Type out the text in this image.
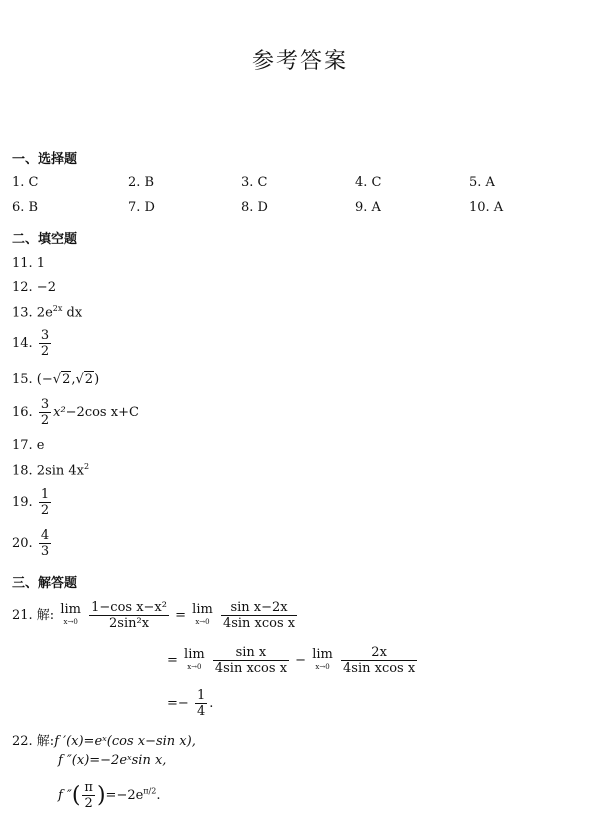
参考答案
一、选择题
1. C	2. B	3. C	4. C	5. A
6. B	7. D	8. D	9. A	10. A
二、填空题
11. 1
12. −2
13. $2e^{2x}$ dx
14. $\frac{3}{2}$
15. (−√2,√2)
16. $\frac{3}{2} x^2-2\cos$ x+C
17. e
18. 2sin $4x^2$
19. $\frac{1}{2}$
20. $\frac{4}{3}$
三、解答题
21. 解: lim
x→0
$\frac{\text{1−cos x−x²}}{\text{2sin²x}} = \lim$
x→0
$\frac{\text{sin x−2x}}{\text{4sin xcos x}}$
= lim
x→0
$\frac{\text{sin x}}{\text{4sin xcos x}} - \lim$
x→0
$\frac{2x}{\text{4sin xcos x}}$
=− $\frac{1}{4}$ .
22. 解:f ′(x)=eˣ(cos x−sin x),
f ″(x)=−2eˣsin x,
f ″( $\frac{\pi}{2} )=-2e^{\pi/2}$.
